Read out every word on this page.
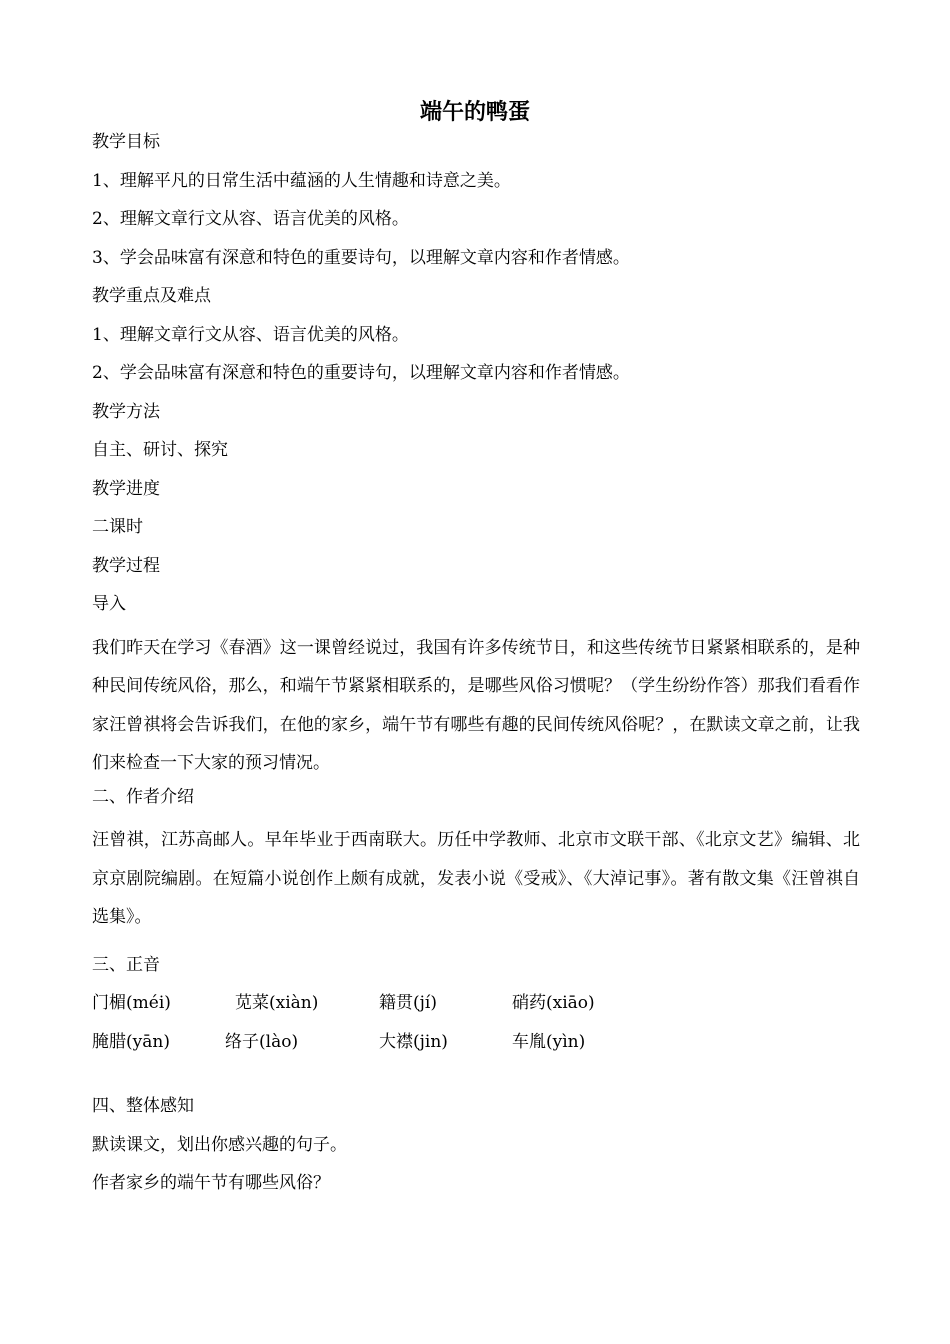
端午的鸭蛋
教学目标
1、理解平凡的日常生活中蕴涵的人生情趣和诗意之美。
2、理解文章行文从容、语言优美的风格。
3、学会品味富有深意和特色的重要诗句，以理解文章内容和作者情感。
教学重点及难点
1、理解文章行文从容、语言优美的风格。
2、学会品味富有深意和特色的重要诗句，以理解文章内容和作者情感。
教学方法
自主、研讨、探究
教学进度
二课时
教学过程
导入
我们昨天在学习《春酒》这一课曾经说过，我国有许多传统节日，和这些传统节日紧紧相联系的，是种种民间传统风俗，那么，和端午节紧紧相联系的，是哪些风俗习惯呢？（学生纷纷作答）那我们看看作家汪曾祺将会告诉我们，在他的家乡，端午节有哪些有趣的民间传统风俗呢？，在默读文章之前，让我们来检查一下大家的预习情况。
二、作者介绍
汪曾祺，江苏高邮人。早年毕业于西南联大。历任中学教师、北京市文联干部、《北京文艺》编辑、北京京剧院编剧。在短篇小说创作上颇有成就，发表小说《受戒》、《大淖记事》。著有散文集《汪曾祺自选集》。
三、正音
门楣(méi)	苋菜(xiàn)	籍贯(jí)	硝药(xiāo)
腌腊(yān)	络子(lào)	大襟(jin)	车胤(yìn)
四、整体感知
默读课文，划出你感兴趣的句子。
作者家乡的端午节有哪些风俗？
